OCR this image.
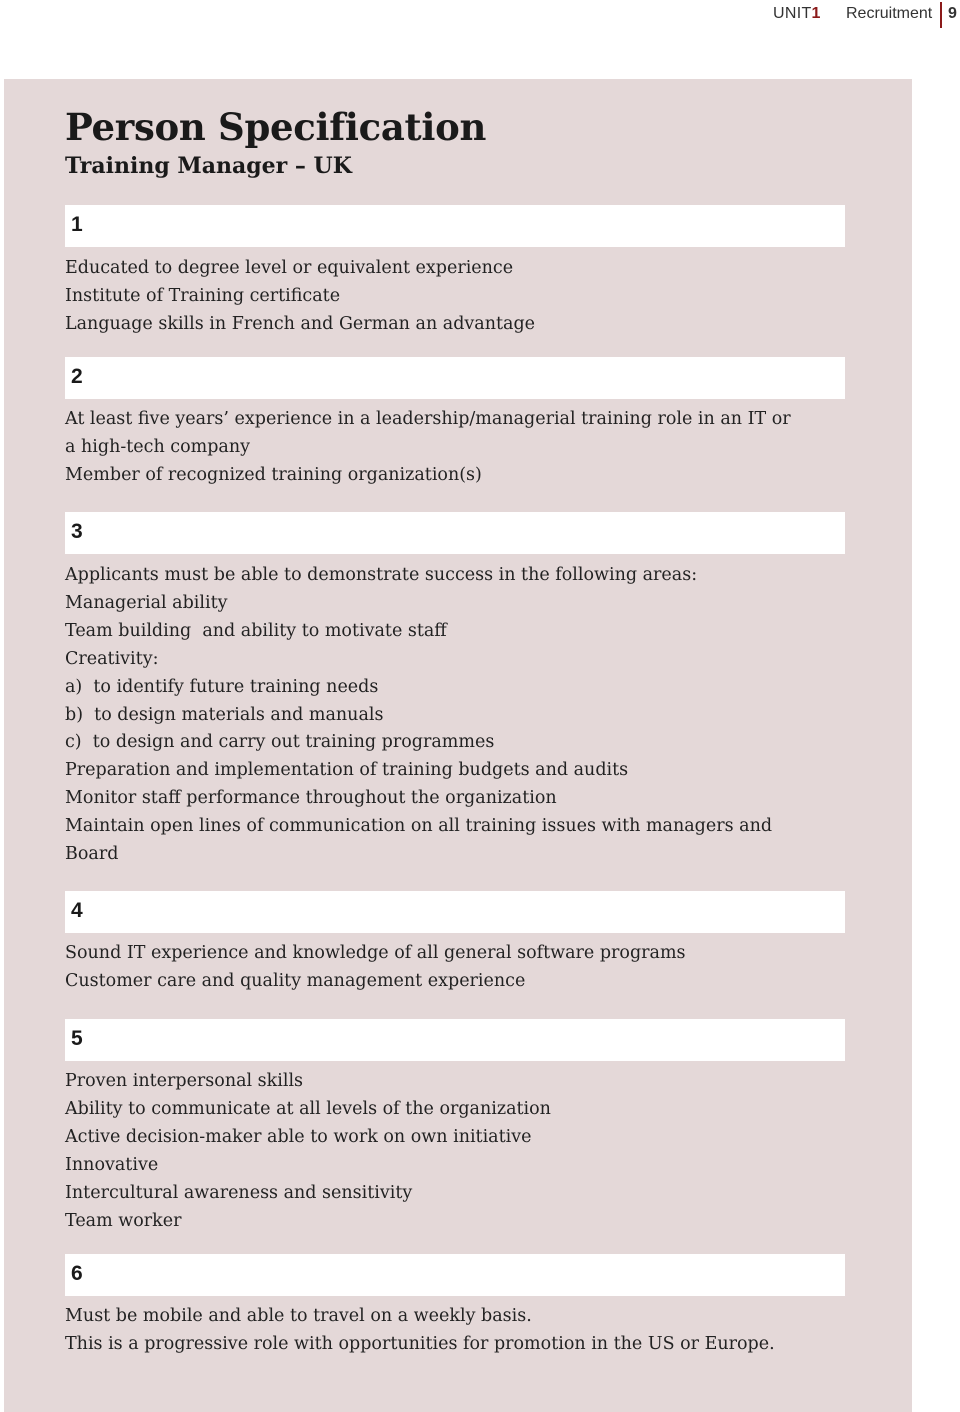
UNIT1 Recruitment 9
Person Specification
Training Manager – UK
1
Educated to degree level or equivalent experience
Institute of Training certificate
Language skills in French and German an advantage
2
At least five years’ experience in a leadership/managerial training role in an IT or
a high-tech company
Member of recognized training organization(s)
3
Applicants must be able to demonstrate success in the following areas:
Managerial ability
Team building  and ability to motivate staff
Creativity:
a)  to identify future training needs
b)  to design materials and manuals
c)  to design and carry out training programmes
Preparation and implementation of training budgets and audits
Monitor staff performance throughout the organization
Maintain open lines of communication on all training issues with managers and
Board
4
Sound IT experience and knowledge of all general software programs
Customer care and quality management experience
5
Proven interpersonal skills
Ability to communicate at all levels of the organization
Active decision-maker able to work on own initiative
Innovative
Intercultural awareness and sensitivity
Team worker
6
Must be mobile and able to travel on a weekly basis.
This is a progressive role with opportunities for promotion in the US or Europe.
